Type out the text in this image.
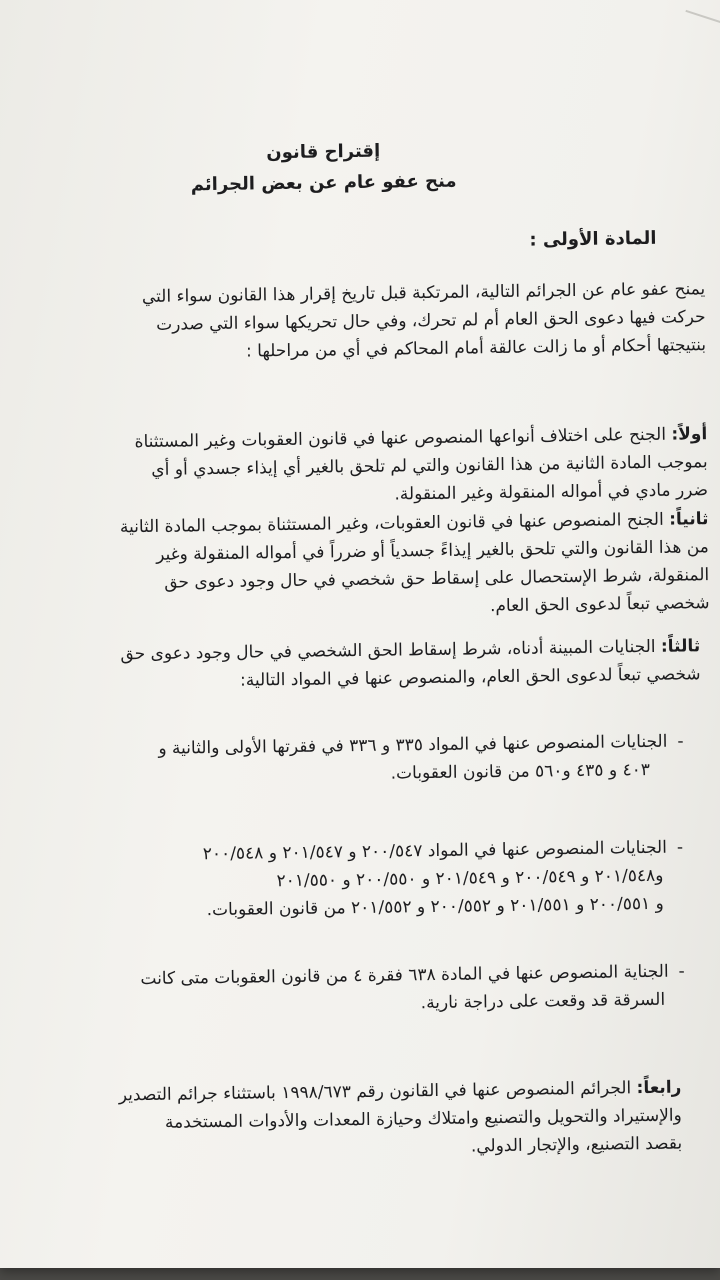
إقتراح قانون
منح عفو عام عن بعض الجرائم
المادة الأولى :
يمنح عفو عام عن الجرائم التالية، المرتكبة قبل تاريخ إقرار هذا القانون سواء التي
حركت فيها دعوى الحق العام أم لم تحرك، وفي حال تحريكها سواء التي صدرت
بنتيجتها أحكام أو ما زالت عالقة أمام المحاكم في أي من مراحلها :
أولاً: الجنح على اختلاف أنواعها المنصوص عنها في قانون العقوبات وغير المستثناة
بموجب المادة الثانية من هذا القانون والتي لم تلحق بالغير أي إيذاء جسدي أو أي
ضرر مادي في أمواله المنقولة وغير المنقولة.
ثانياً: الجنح المنصوص عنها في قانون العقوبات، وغير المستثناة بموجب المادة الثانية
من هذا القانون والتي تلحق بالغير إيذاءً جسدياً أو ضرراً في أمواله المنقولة وغير
المنقولة، شرط الإستحصال على إسقاط حق شخصي في حال وجود دعوى حق
شخصي تبعاً لدعوى الحق العام.
ثالثاً: الجنايات المبينة أدناه، شرط إسقاط الحق الشخصي في حال وجود دعوى حق
شخصي تبعاً لدعوى الحق العام، والمنصوص عنها في المواد التالية:
-الجنايات المنصوص عنها في المواد ٣٣٥ و ٣٣٦ في فقرتها الأولى والثانية و
٤٠٣ و ٤٣٥ و٥٦٠ من قانون العقوبات.
-الجنايات المنصوص عنها في المواد ٢٠٠/٥٤٧ و ٢٠١/٥٤٧ و ٢٠٠/٥٤٨
و٢٠١/٥٤٨ و ٢٠٠/٥٤٩ و ٢٠١/٥٤٩ و ٢٠٠/٥٥٠ و ٢٠١/٥٥٠
و ٢٠٠/٥٥١ و ٢٠١/٥٥١ و ٢٠٠/٥٥٢ و ٢٠١/٥٥٢ من قانون العقوبات.
-الجناية المنصوص عنها في المادة ٦٣٨ فقرة ٤ من قانون العقوبات متى كانت
السرقة قد وقعت على دراجة نارية.
رابعاً: الجرائم المنصوص عنها في القانون رقم ١٩٩٨/٦٧٣ باستثناء جرائم التصدير
والإستيراد والتحويل والتصنيع وامتلاك وحيازة المعدات والأدوات المستخدمة
بقصد التصنيع، والإتجار الدولي.
